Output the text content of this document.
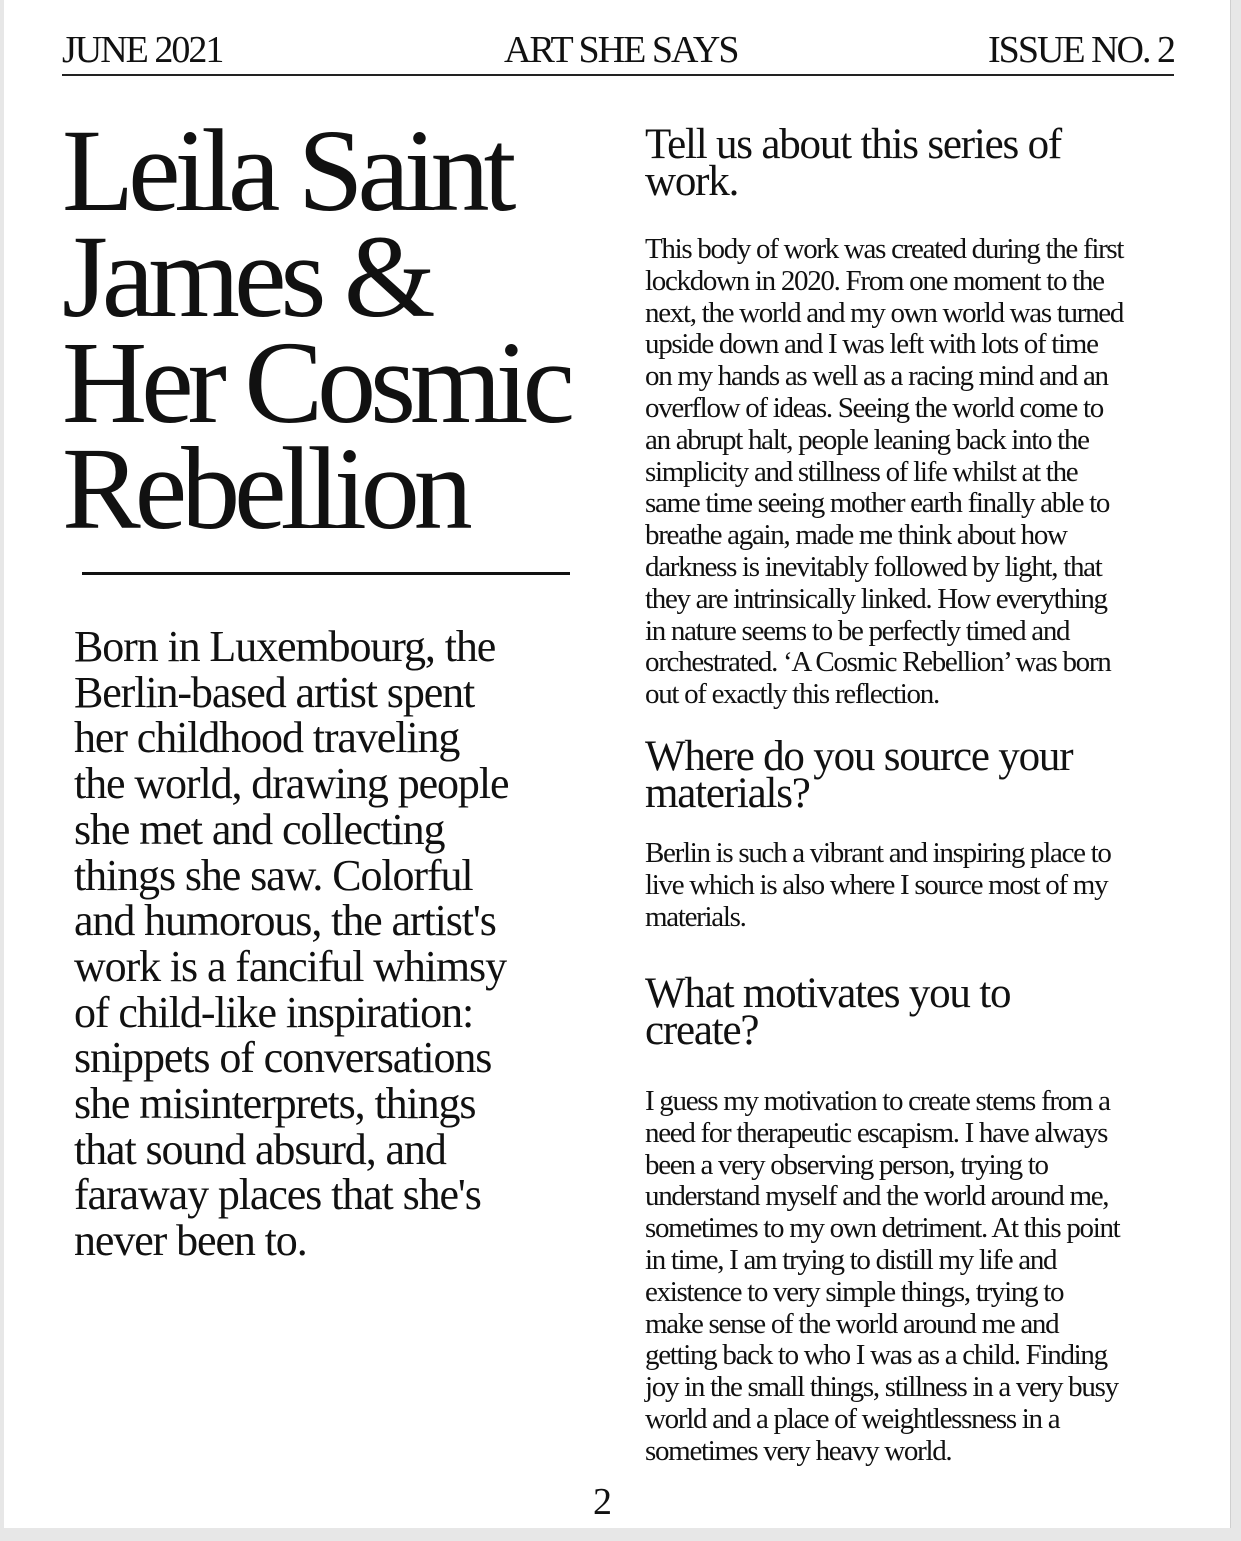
JUNE 2021	ART SHE SAYS	ISSUE NO. 2
Leila Saint
James &
Her Cosmic
Rebellion

Born in Luxembourg, the
Berlin-based artist spent
her childhood traveling
the world, drawing people
she met and collecting
things she saw. Colorful
and humorous, the artist's
work is a fanciful whimsy
of child-like inspiration:
snippets of conversations
she misinterprets, things
that sound absurd, and
faraway places that she's
never been to.

Tell us about this series of
work.

This body of work was created during the first
lockdown in 2020. From one moment to the
next, the world and my own world was turned
upside down and I was left with lots of time
on my hands as well as a racing mind and an
overflow of ideas. Seeing the world come to
an abrupt halt, people leaning back into the
simplicity and stillness of life whilst at the
same time seeing mother earth finally able to
breathe again, made me think about how
darkness is inevitably followed by light, that
they are intrinsically linked. How everything
in nature seems to be perfectly timed and
orchestrated. ‘A Cosmic Rebellion’ was born
out of exactly this reflection.

Where do you source your
materials?

Berlin is such a vibrant and inspiring place to
live which is also where I source most of my
materials.

What motivates you to
create?

I guess my motivation to create stems from a
need for therapeutic escapism. I have always
been a very observing person, trying to
understand myself and the world around me,
sometimes to my own detriment. At this point
in time, I am trying to distill my life and
existence to very simple things, trying to
make sense of the world around me and
getting back to who I was as a child. Finding
joy in the small things, stillness in a very busy
world and a place of weightlessness in a
sometimes very heavy world.

2
